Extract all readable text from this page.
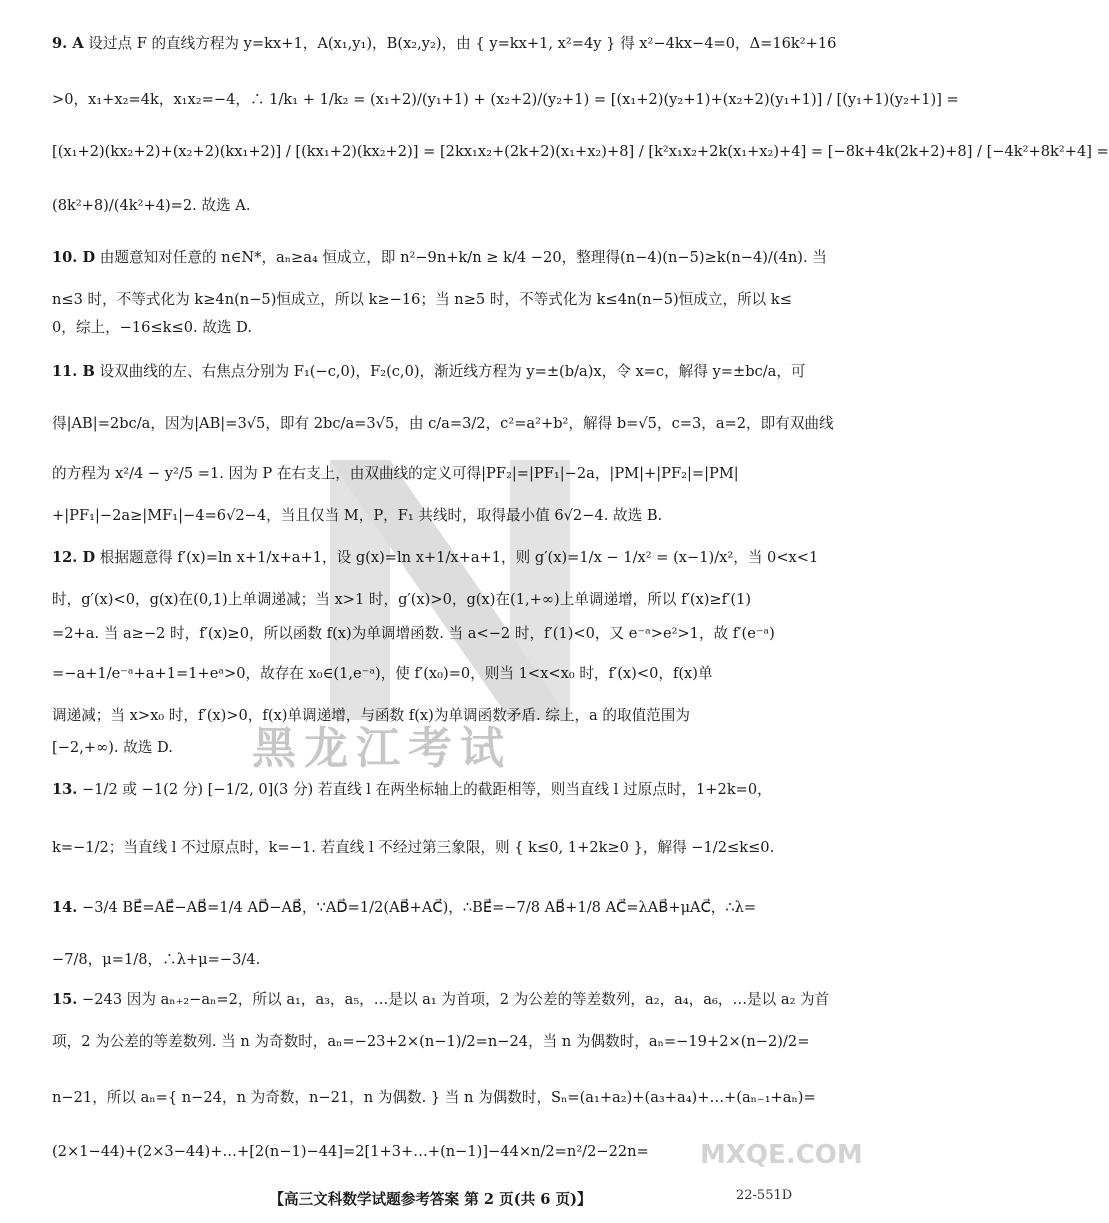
黑龙江考试
9. A 设过点 F 的直线方程为 y=kx+1，A(x₁,y₁)，B(x₂,y₂)，由 { y=kx+1, x²=4y } 得 x²−4kx−4=0，Δ=16k²+16
>0，x₁+x₂=4k，x₁x₂=−4，∴ 1/k₁ + 1/k₂ = (x₁+2)/(y₁+1) + (x₂+2)/(y₂+1) = [(x₁+2)(y₂+1)+(x₂+2)(y₁+1)] / [(y₁+1)(y₂+1)] =
[(x₁+2)(kx₂+2)+(x₂+2)(kx₁+2)] / [(kx₁+2)(kx₂+2)] = [2kx₁x₂+(2k+2)(x₁+x₂)+8] / [k²x₁x₂+2k(x₁+x₂)+4] = [−8k+4k(2k+2)+8] / [−4k²+8k²+4] =
(8k²+8)/(4k²+4)=2. 故选 A.
10. D 由题意知对任意的 n∈N*，aₙ≥a₄ 恒成立，即 n²−9n+k/n ≥ k/4 −20，整理得(n−4)(n−5)≥k(n−4)/(4n). 当
n≤3 时，不等式化为 k≥4n(n−5)恒成立，所以 k≥−16；当 n≥5 时，不等式化为 k≤4n(n−5)恒成立，所以 k≤
0，综上，−16≤k≤0. 故选 D.
11. B 设双曲线的左、右焦点分别为 F₁(−c,0)，F₂(c,0)，渐近线方程为 y=±(b/a)x，令 x=c，解得 y=±bc/a，可
得|AB|=2bc/a，因为|AB|=3√5，即有 2bc/a=3√5，由 c/a=3/2，c²=a²+b²，解得 b=√5，c=3，a=2，即有双曲线
的方程为 x²/4 − y²/5 =1. 因为 P 在右支上，由双曲线的定义可得|PF₂|=|PF₁|−2a，|PM|+|PF₂|=|PM|
+|PF₁|−2a≥|MF₁|−4=6√2−4，当且仅当 M，P，F₁ 共线时，取得最小值 6√2−4. 故选 B.
12. D 根据题意得 f′(x)=ln x+1/x+a+1，设 g(x)=ln x+1/x+a+1，则 g′(x)=1/x − 1/x² = (x−1)/x²，当 0<x<1
时，g′(x)<0，g(x)在(0,1)上单调递减；当 x>1 时，g′(x)>0，g(x)在(1,+∞)上单调递增，所以 f′(x)≥f′(1)
=2+a. 当 a≥−2 时，f′(x)≥0，所以函数 f(x)为单调增函数. 当 a<−2 时，f′(1)<0，又 e⁻ᵃ>e²>1，故 f′(e⁻ᵃ)
=−a+1/e⁻ᵃ+a+1=1+eᵃ>0，故存在 x₀∈(1,e⁻ᵃ)，使 f′(x₀)=0，则当 1<x<x₀ 时，f′(x)<0，f(x)单
调递减；当 x>x₀ 时，f′(x)>0，f(x)单调递增，与函数 f(x)为单调函数矛盾. 综上，a 的取值范围为
[−2,+∞). 故选 D.
13. −1/2 或 −1(2 分) [−1/2, 0](3 分) 若直线 l 在两坐标轴上的截距相等，则当直线 l 过原点时，1+2k=0，
k=−1/2；当直线 l 不过原点时，k=−1. 若直线 l 不经过第三象限，则 { k≤0, 1+2k≥0 }，解得 −1/2≤k≤0.
14. −3/4 BE⃗=AE⃗−AB⃗=1/4 AD⃗−AB⃗，∵AD⃗=1/2(AB⃗+AC⃗)，∴BE⃗=−7/8 AB⃗+1/8 AC⃗=λAB⃗+μAC⃗，∴λ=
−7/8，μ=1/8，∴λ+μ=−3/4.
15. −243 因为 aₙ₊₂−aₙ=2，所以 a₁，a₃，a₅，…是以 a₁ 为首项，2 为公差的等差数列，a₂，a₄，a₆，…是以 a₂ 为首
项，2 为公差的等差数列. 当 n 为奇数时，aₙ=−23+2×(n−1)/2=n−24，当 n 为偶数时，aₙ=−19+2×(n−2)/2=
n−21，所以 aₙ={ n−24，n 为奇数，n−21，n 为偶数. } 当 n 为偶数时，Sₙ=(a₁+a₂)+(a₃+a₄)+…+(aₙ₋₁+aₙ)=
(2×1−44)+(2×3−44)+…+[2(n−1)−44]=2[1+3+…+(n−1)]−44×n/2=n²/2−22n=	MXQE.COM
【高三文科数学试题参考答案 第 2 页(共 6 页)】	22-551D
